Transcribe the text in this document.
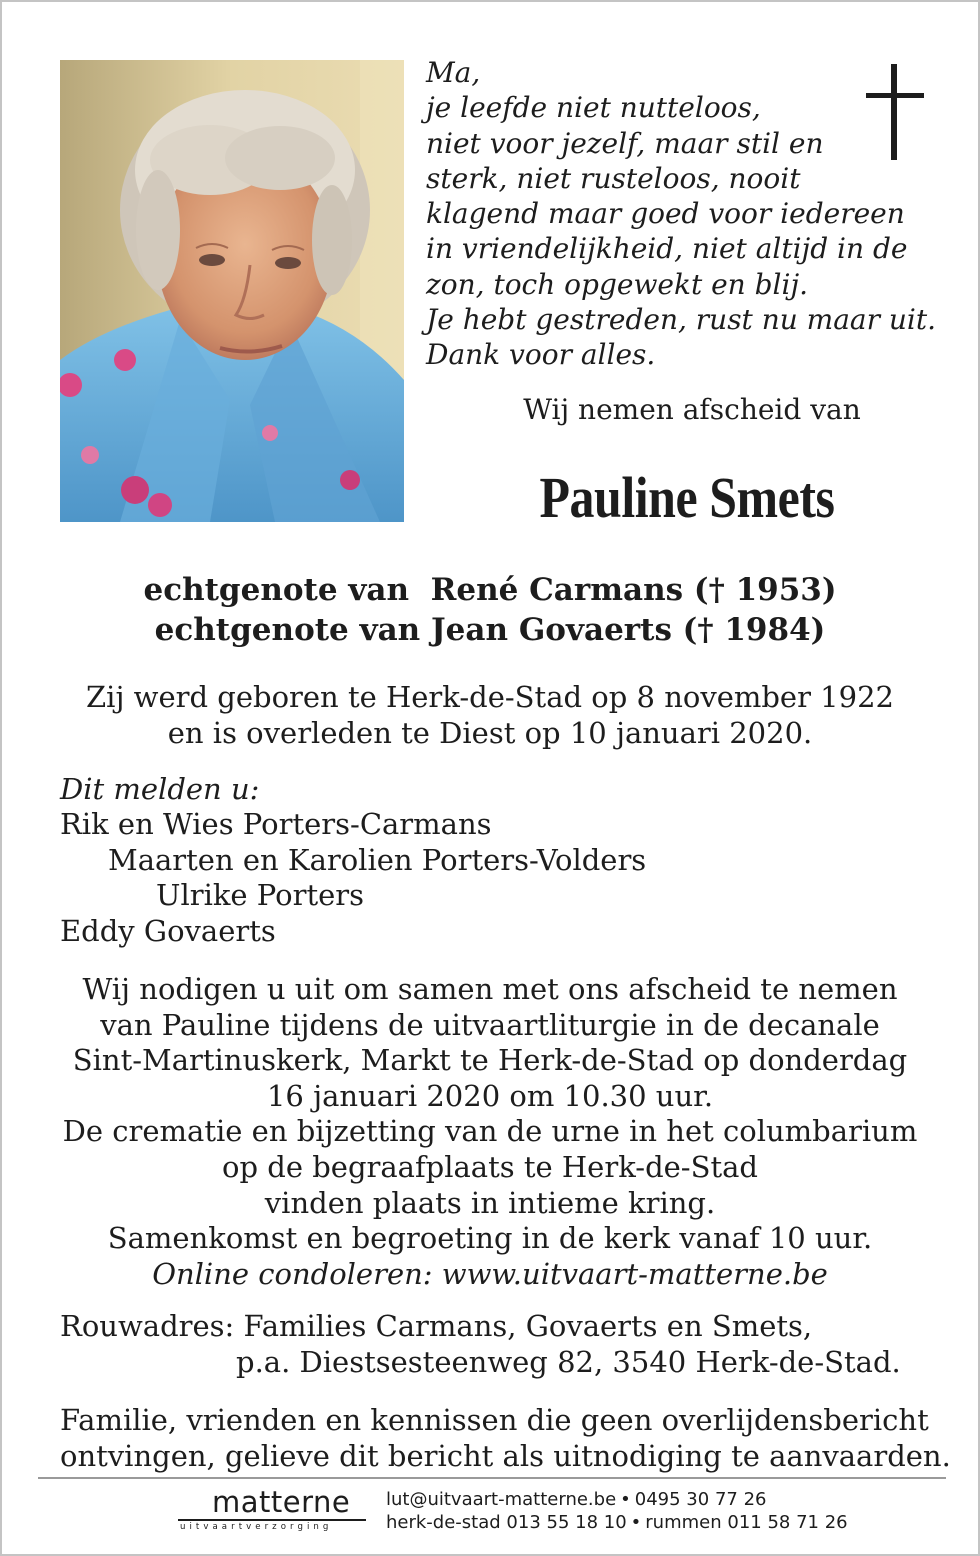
Ma,
je leefde niet nutteloos,
niet voor jezelf, maar stil en
sterk, niet rusteloos, nooit
klagend maar goed voor iedereen
in vriendelijkheid, niet altijd in de
zon, toch opgewekt en blij.
Je hebt gestreden, rust nu maar uit.
Dank voor alles.
Wij nemen afscheid van
Pauline Smets
echtgenote van  René Carmans († 1953)
echtgenote van Jean Govaerts († 1984)
Zij werd geboren te Herk-de-Stad op 8 november 1922
en is overleden te Diest op 10 januari 2020.
Dit melden u:
Rik en Wies Porters-Carmans
Maarten en Karolien Porters-Volders
Ulrike Porters
Eddy Govaerts
Wij nodigen u uit om samen met ons afscheid te nemen
van Pauline tijdens de uitvaartliturgie in de decanale
Sint-Martinuskerk, Markt te Herk-de-Stad op donderdag
16 januari 2020 om 10.30 uur.
De crematie en bijzetting van de urne in het columbarium
op de begraafplaats te Herk-de-Stad
vinden plaats in intieme kring.
Samenkomst en begroeting in de kerk vanaf 10 uur.
Online condoleren: www.uitvaart-matterne.be
Rouwadres: Families Carmans, Govaerts en Smets,
p.a. Diestsesteenweg 82, 3540 Herk-de-Stad.
Familie, vrienden en kennissen die geen overlijdensbericht
ontvingen, gelieve dit bericht als uitnodiging te aanvaarden.
matterne
uitvaartverzorging
lut@uitvaart-matterne.be • 0495 30 77 26
herk-de-stad 013 55 18 10 • rummen 011 58 71 26
